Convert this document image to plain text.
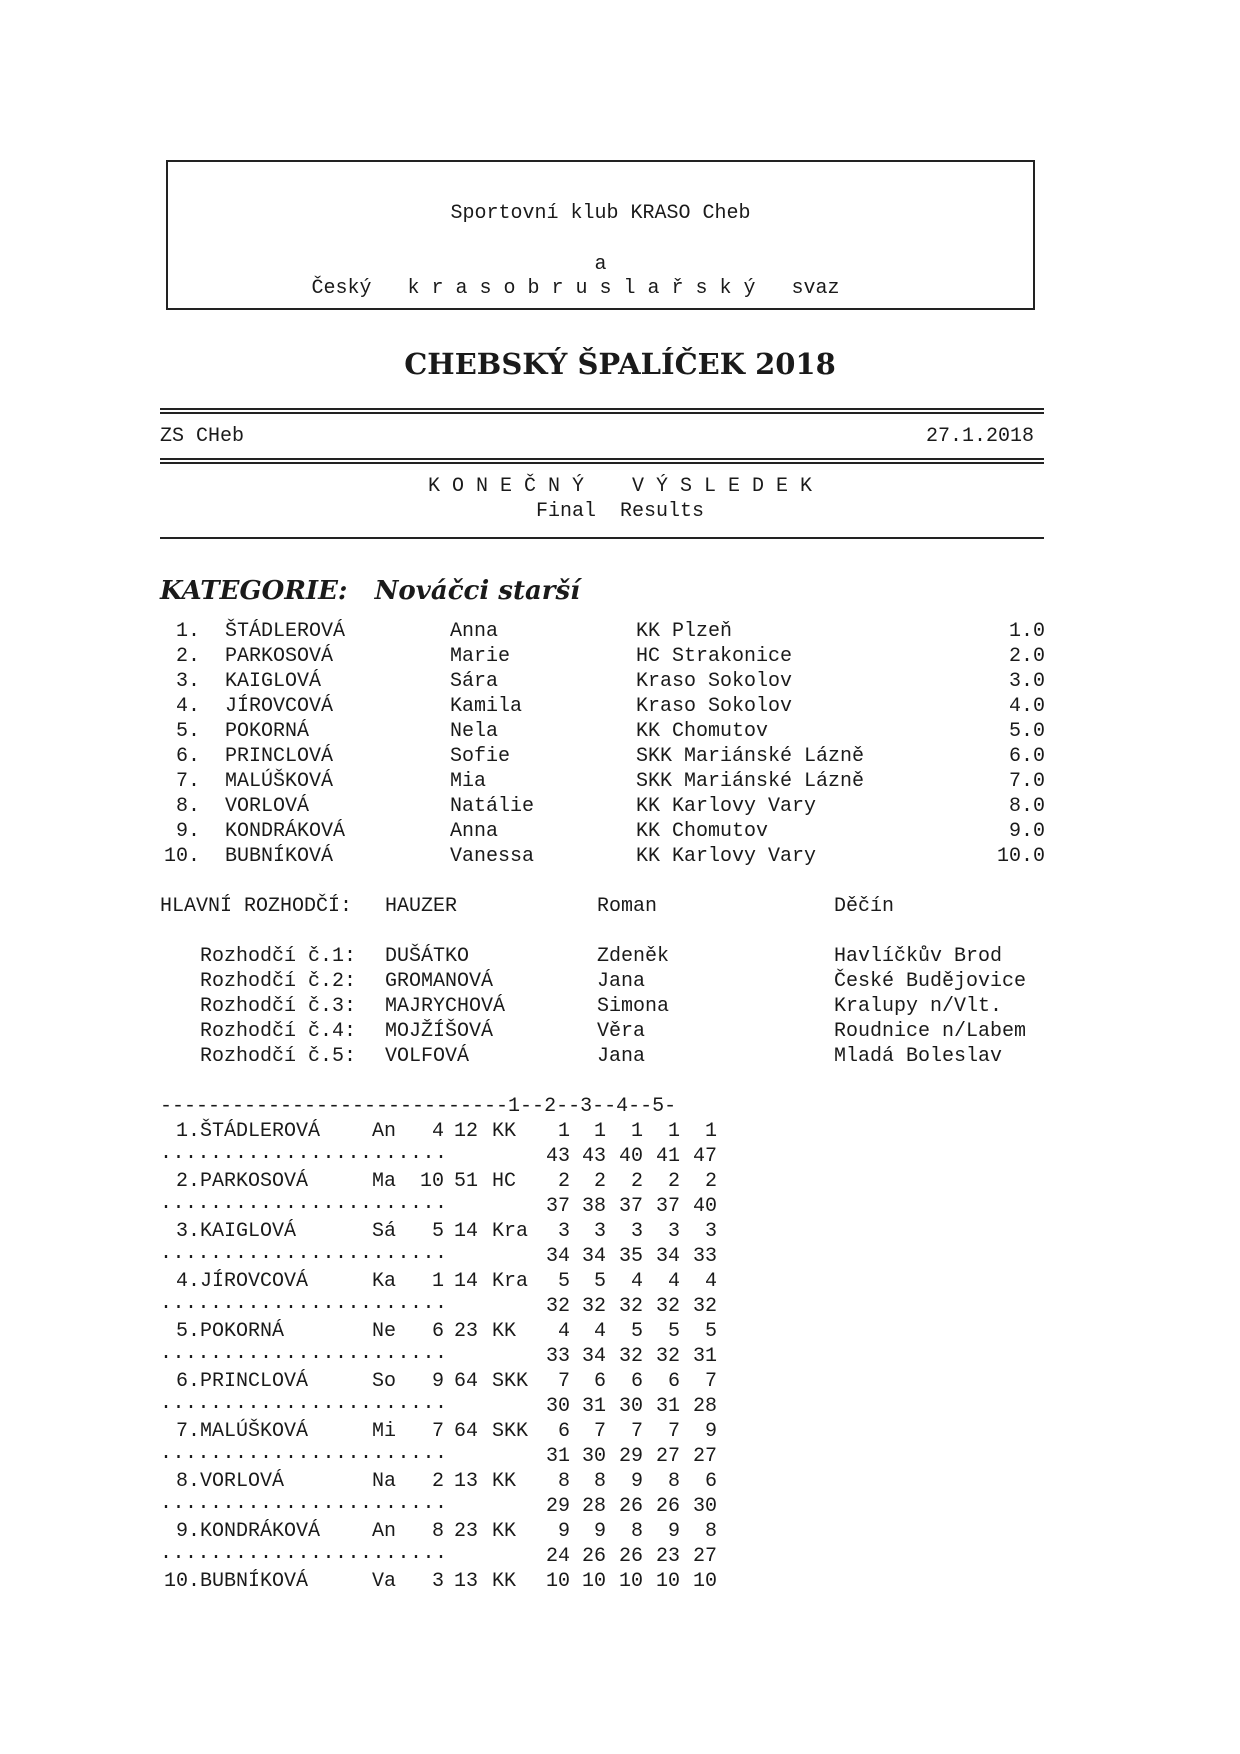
Sportovní klub KRASO Cheb
a
Český   k r a s o b r u s l a ř s k ý   svaz
CHEBSKÝ ŠPALÍČEK 2018
ZS CHeb	27.1.2018
K O N E Č N Ý    V Ý S L E D E K
Final  Results
KATEGORIE:   Nováčci starší
1. ŠTÁDLEROVÁ	Anna	KK Plzeň	1.0
2. PARKOSOVÁ	Marie	HC Strakonice	2.0
3. KAIGLOVÁ	Sára	Kraso Sokolov	3.0
4. JÍROVCOVÁ	Kamila	Kraso Sokolov	4.0
5. POKORNÁ	Nela	KK Chomutov	5.0
6. PRINCLOVÁ	Sofie	SKK Mariánské Lázně	6.0
7. MALÚŠKOVÁ	Mia	SKK Mariánské Lázně	7.0
8. VORLOVÁ	Natálie	KK Karlovy Vary	8.0
9. KONDRÁKOVÁ	Anna	KK Chomutov	9.0
10. BUBNÍKOVÁ	Vanessa	KK Karlovy Vary	10.0
HLAVNÍ ROZHODČÍ: HAUZER	Roman	Děčín
Rozhodčí č.1: DUŠÁTKO	Zdeněk	Havlíčkův Brod
Rozhodčí č.2: GROMANOVÁ	Jana	České Budějovice
Rozhodčí č.3: MAJRYCHOVÁ	Simona	Kralupy n/Vlt.
Rozhodčí č.4: MOJŽÍŠOVÁ	Věra	Roudnice n/Labem
Rozhodčí č.5: VOLFOVÁ	Jana	Mladá Boleslav
-----------------------------1--2--3--4--5-
1. ŠTÁDLEROVÁ	An	4 12 KK	1	1	1	1	1
.......................	43 43 40 41 47
2. PARKOSOVÁ	Ma	10 51 HC	2	2	2	2	2
.......................	37 38 37 37 40
3. KAIGLOVÁ	Sá	5 14 Kra	3	3	3	3	3
.......................	34 34 35 34 33
4. JÍROVCOVÁ	Ka	1 14 Kra	5	5	4	4	4
.......................	32 32 32 32 32
5. POKORNÁ	Ne	6 23 KK	4	4	5	5	5
.......................	33 34 32 32 31
6. PRINCLOVÁ	So	9 64 SKK	7	6	6	6	7
.......................	30 31 30 31 28
7. MALÚŠKOVÁ	Mi	7 64 SKK	6	7	7	7	9
.......................	31 30 29 27 27
8. VORLOVÁ	Na	2 13 KK	8	8	9	8	6
.......................	29 28 26 26 30
9. KONDRÁKOVÁ	An	8 23 KK	9	9	8	9	8
.......................	24 26 26 23 27
10. BUBNÍKOVÁ	Va	3 13 KK	10 10 10 10 10
